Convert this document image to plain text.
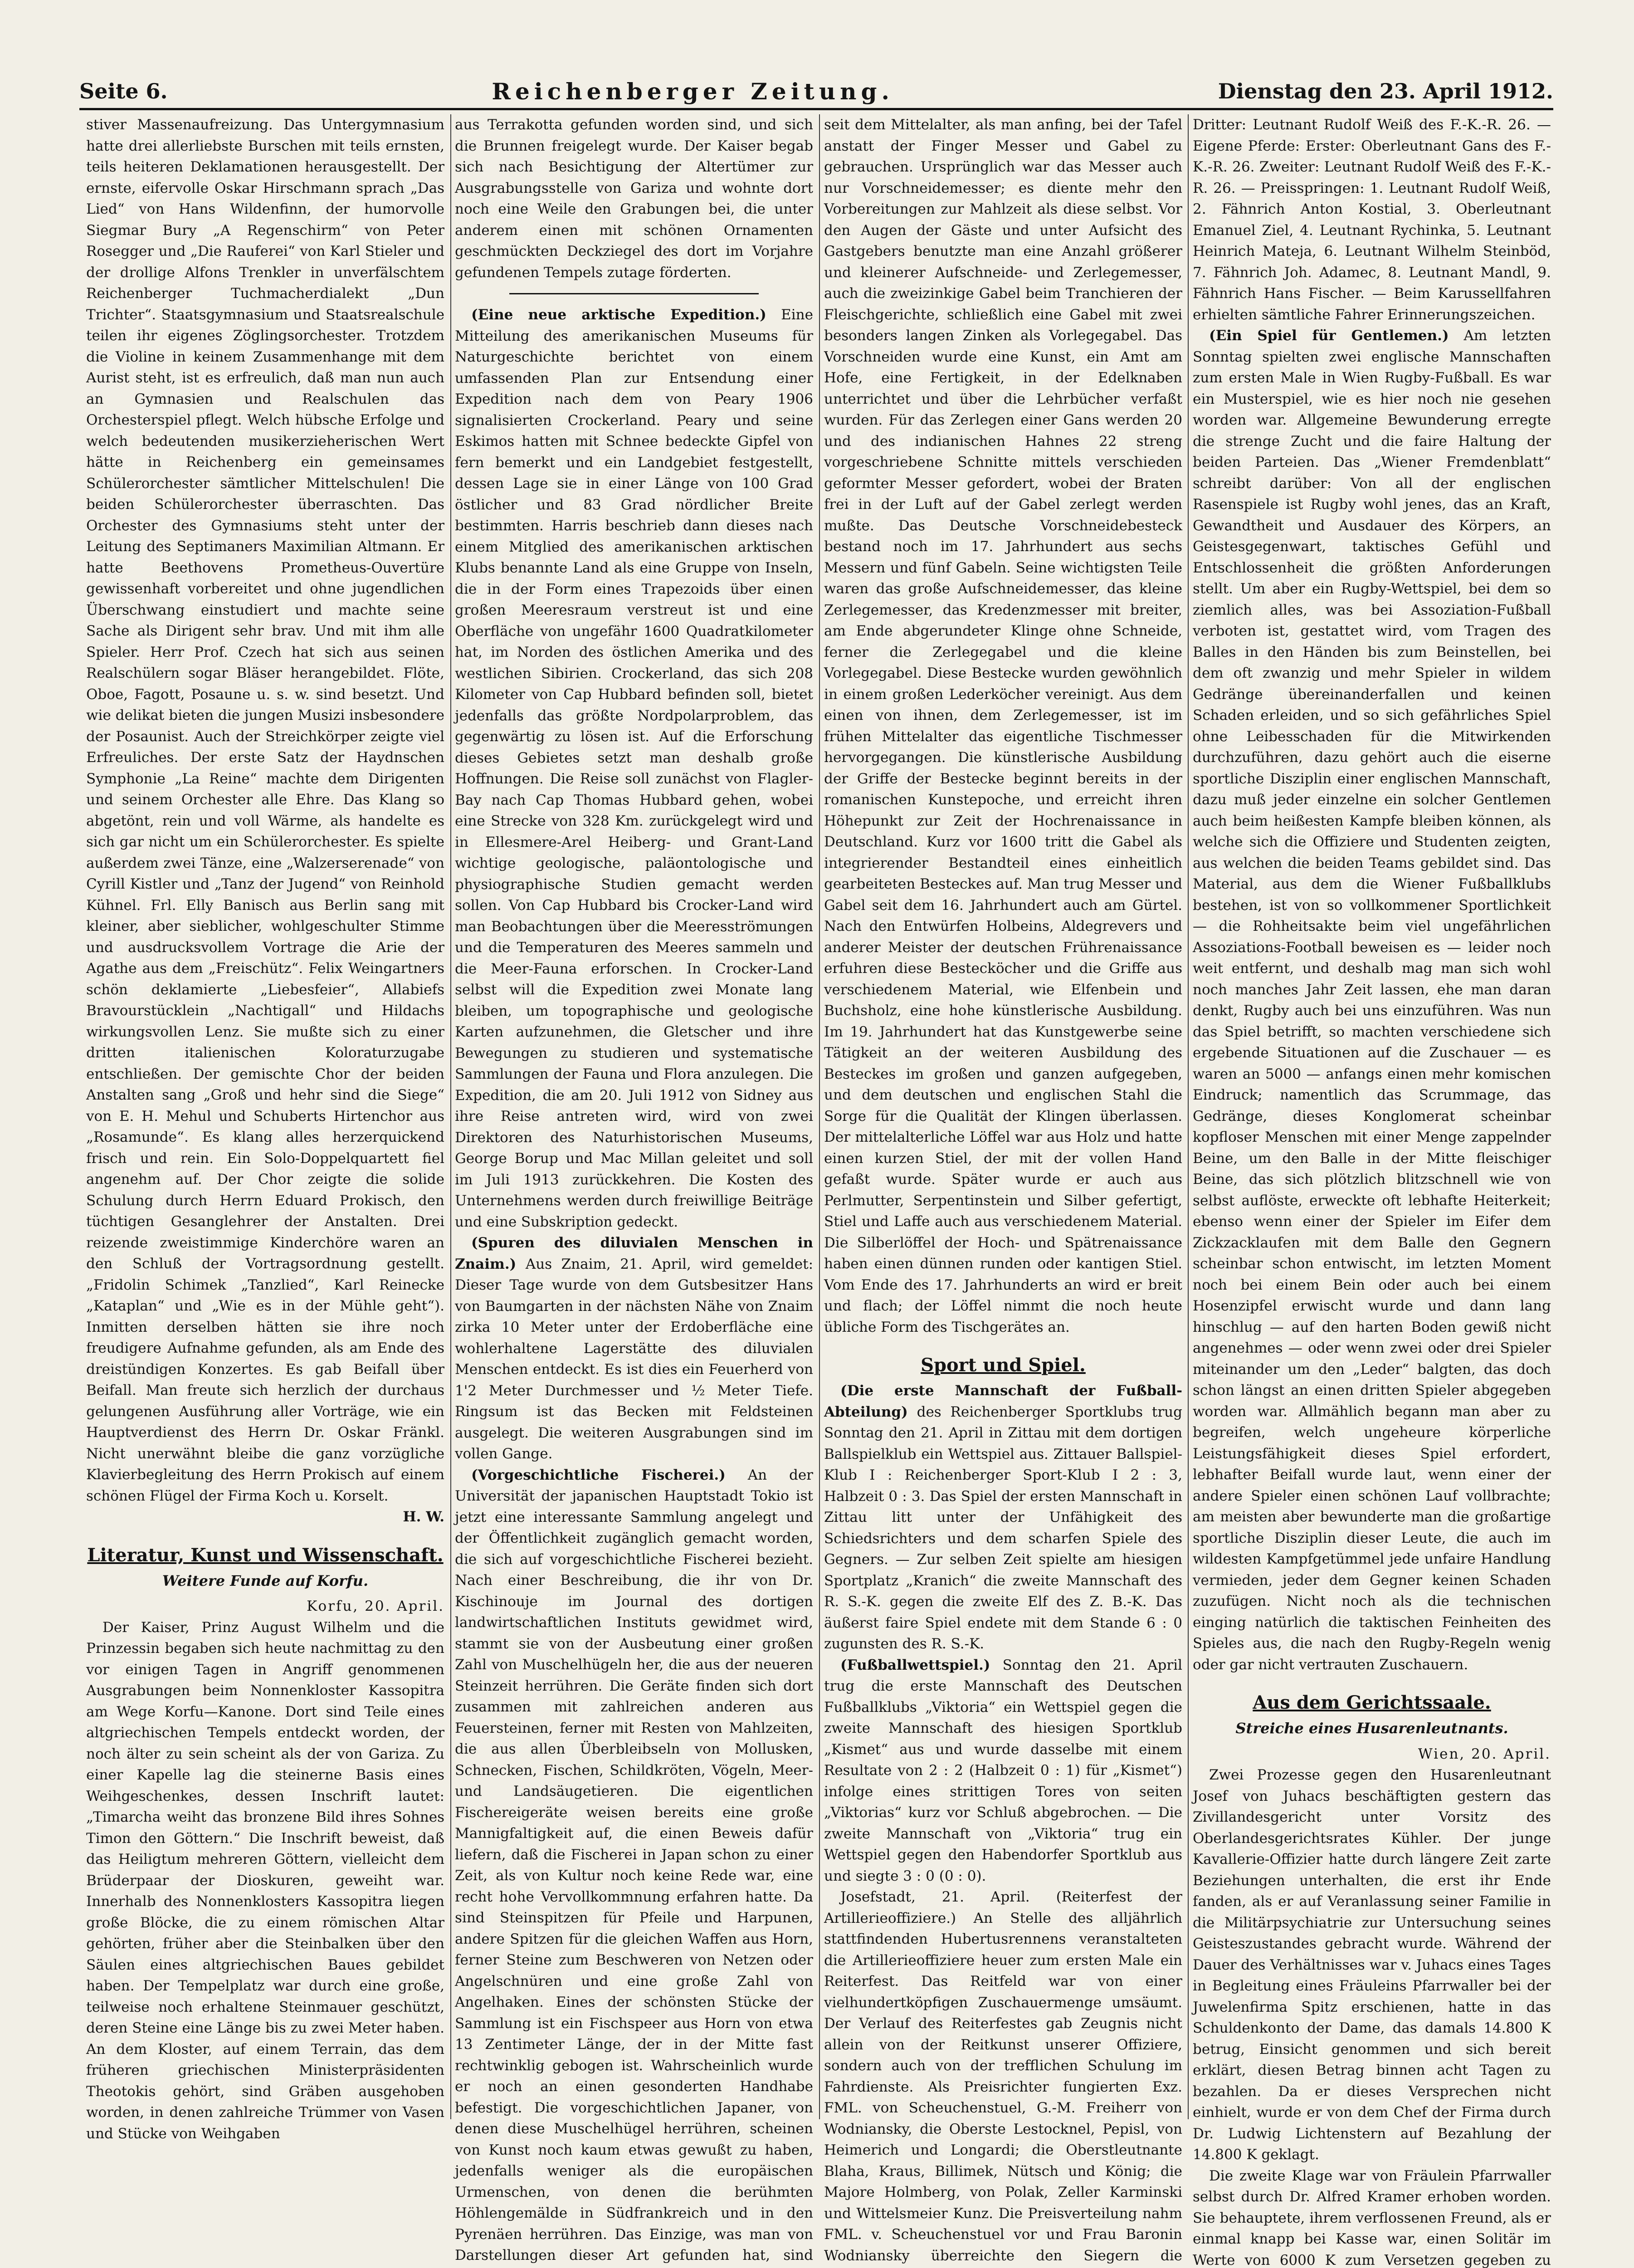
Seite 6.	Reichenberger Zeitung.	Dienstag den 23. April 1912.

stiver Massenaufreizung. Das Untergymnasium hatte drei allerliebste Burschen mit teils ernsten, teils heiteren Deklamationen herausgestellt. Der ernste, eifervolle Oskar Hirschmann sprach „Das Lied“ von Hans Wildenfinn, der humorvolle Siegmar Bury „A Regenschirm“ von Peter Rosegger und „Die Rauferei“ von Karl Stieler und der drollige Alfons Trenkler in unverfälschtem Reichenberger Tuchmacherdialekt „Dun Trichter“. Staatsgymnasium und Staatsrealschule teilen ihr eigenes Zöglingsorchester. Trotzdem die Violine in keinem Zusammenhange mit dem Aurist steht, ist es erfreulich, daß man nun auch an Gymnasien und Realschulen das Orchesterspiel pflegt. Welch hübsche Erfolge und welch bedeutenden musikerzieherischen Wert hätte in Reichenberg ein gemeinsames Schülerorchester sämtlicher Mittelschulen! Die beiden Schülerorchester überraschten. Das Orchester des Gymnasiums steht unter der Leitung des Septimaners Maximilian Altmann. Er hatte Beethovens Prometheus-Ouvertüre gewissenhaft vorbereitet und ohne jugendlichen Überschwang einstudiert und machte seine Sache als Dirigent sehr brav. Und mit ihm alle Spieler. Herr Prof. Czech hat sich aus seinen Realschülern sogar Bläser herangebildet. Flöte, Oboe, Fagott, Posaune u. s. w. sind besetzt. Und wie delikat bieten die jungen Musizi insbesondere der Posaunist. Auch der Streichkörper zeigte viel Erfreuliches. Der erste Satz der Haydnschen Symphonie „La Reine“ machte dem Dirigenten und seinem Orchester alle Ehre. Das Klang so abgetönt, rein und voll Wärme, als handelte es sich gar nicht um ein Schülerorchester. Es spielte außerdem zwei Tänze, eine „Walzerserenade“ von Cyrill Kistler und „Tanz der Jugend“ von Reinhold Kühnel. Frl. Elly Banisch aus Berlin sang mit kleiner, aber sieblicher, wohlgeschulter Stimme und ausdrucksvollem Vortrage die Arie der Agathe aus dem „Freischütz“. Felix Weingartners schön deklamierte „Liebesfeier“, Allabiefs Bravourstücklein „Nachtigall“ und Hildachs wirkungsvollen Lenz. Sie mußte sich zu einer dritten italienischen Koloraturzugabe entschließen. Der gemischte Chor der beiden Anstalten sang „Groß und hehr sind die Siege“ von E. H. Mehul und Schuberts Hirtenchor aus „Rosamunde“. Es klang alles herzerquickend frisch und rein. Ein Solo-Doppelquartett fiel angenehm auf. Der Chor zeigte die solide Schulung durch Herrn Eduard Prokisch, den tüchtigen Gesanglehrer der Anstalten. Drei reizende zweistimmige Kinderchöre waren an den Schluß der Vortragsordnung gestellt. „Fridolin Schimek „Tanzlied“, Karl Reinecke „Kataplan“ und „Wie es in der Mühle geht“). Inmitten derselben hätten sie ihre noch freudigere Aufnahme gefunden, als am Ende des dreistündigen Konzertes. Es gab Beifall über Beifall. Man freute sich herzlich der durchaus gelungenen Ausführung aller Vorträge, wie ein Hauptverdienst des Herrn Dr. Oskar Fränkl. Nicht unerwähnt bleibe die ganz vorzügliche Klavierbegleitung des Herrn Prokisch auf einem schönen Flügel der Firma Koch u. Korselt.

H. W.

Literatur, Kunst und Wissenschaft.
Weitere Funde auf Korfu.

Korfu, 20. April.

Der Kaiser, Prinz August Wilhelm und die Prinzessin begaben sich heute nachmittag zu den vor einigen Tagen in Angriff genommenen Ausgrabungen beim Nonnenkloster Kassopitra am Wege Korfu—Kanone. Dort sind Teile eines altgriechischen Tempels entdeckt worden, der noch älter zu sein scheint als der von Gariza. Zu einer Kapelle lag die steinerne Basis eines Weihgeschenkes, dessen Inschrift lautet: „Timarcha weiht das bronzene Bild ihres Sohnes Timon den Göttern.“ Die Inschrift beweist, daß das Heiligtum mehreren Göttern, vielleicht dem Brüderpaar der Dioskuren, geweiht war. Innerhalb des Nonnenklosters Kassopitra liegen große Blöcke, die zu einem römischen Altar gehörten, früher aber die Steinbalken über den Säulen eines altgriechischen Baues gebildet haben. Der Tempelplatz war durch eine große, teilweise noch erhaltene Steinmauer geschützt, deren Steine eine Länge bis zu zwei Meter haben. An dem Kloster, auf einem Terrain, das dem früheren griechischen Ministerpräsidenten Theotokis gehört, sind Gräben ausgehoben worden, in denen zahlreiche Trümmer von Vasen und Stücke von Weihgaben

aus Terrakotta gefunden worden sind, und sich die Brunnen freigelegt wurde. Der Kaiser begab sich nach Besichtigung der Altertümer zur Ausgrabungsstelle von Gariza und wohnte dort noch eine Weile den Grabungen bei, die unter anderem einen mit schönen Ornamenten geschmückten Deckziegel des dort im Vorjahre gefundenen Tempels zutage förderten.

(Eine neue arktische Expedition.) Eine Mitteilung des amerikanischen Museums für Naturgeschichte berichtet von einem umfassenden Plan zur Entsendung einer Expedition nach dem von Peary 1906 signalisierten Crockerland. Peary und seine Eskimos hatten mit Schnee bedeckte Gipfel von fern bemerkt und ein Landgebiet festgestellt, dessen Lage sie in einer Länge von 100 Grad östlicher und 83 Grad nördlicher Breite bestimmten. Harris beschrieb dann dieses nach einem Mitglied des amerikanischen arktischen Klubs benannte Land als eine Gruppe von Inseln, die in der Form eines Trapezoids über einen großen Meeresraum verstreut ist und eine Oberfläche von ungefähr 1600 Quadratkilometer hat, im Norden des östlichen Amerika und des westlichen Sibirien. Crockerland, das sich 208 Kilometer von Cap Hubbard befinden soll, bietet jedenfalls das größte Nordpolarproblem, das gegenwärtig zu lösen ist. Auf die Erforschung dieses Gebietes setzt man deshalb große Hoffnungen. Die Reise soll zunächst von Flagler-Bay nach Cap Thomas Hubbard gehen, wobei eine Strecke von 328 Km. zurückgelegt wird und in Ellesmere-Arel Heiberg- und Grant-Land wichtige geologische, paläontologische und physiographische Studien gemacht werden sollen. Von Cap Hubbard bis Crocker-Land wird man Beobachtungen über die Meeresströmungen und die Temperaturen des Meeres sammeln und die Meer-Fauna erforschen. In Crocker-Land selbst will die Expedition zwei Monate lang bleiben, um topographische und geologische Karten aufzunehmen, die Gletscher und ihre Bewegungen zu studieren und systematische Sammlungen der Fauna und Flora anzulegen. Die Expedition, die am 20. Juli 1912 von Sidney aus ihre Reise antreten wird, wird von zwei Direktoren des Naturhistorischen Museums, George Borup und Mac Millan geleitet und soll im Juli 1913 zurückkehren. Die Kosten des Unternehmens werden durch freiwillige Beiträge und eine Subskription gedeckt.

(Spuren des diluvialen Menschen in Znaim.) Aus Znaim, 21. April, wird gemeldet: Dieser Tage wurde von dem Gutsbesitzer Hans von Baumgarten in der nächsten Nähe von Znaim zirka 10 Meter unter der Erdoberfläche eine wohlerhaltene Lagerstätte des diluvialen Menschen entdeckt. Es ist dies ein Feuerherd von 1'2 Meter Durchmesser und ½ Meter Tiefe. Ringsum ist das Becken mit Feldsteinen ausgelegt. Die weiteren Ausgrabungen sind im vollen Gange.

(Vorgeschichtliche Fischerei.) An der Universität der japanischen Hauptstadt Tokio ist jetzt eine interessante Sammlung angelegt und der Öffentlichkeit zugänglich gemacht worden, die sich auf vorgeschichtliche Fischerei bezieht. Nach einer Beschreibung, die ihr von Dr. Kischinouje im Journal des dortigen landwirtschaftlichen Instituts gewidmet wird, stammt sie von der Ausbeutung einer großen Zahl von Muschelhügeln her, die aus der neueren Steinzeit herrühren. Die Geräte finden sich dort zusammen mit zahlreichen anderen aus Feuersteinen, ferner mit Resten von Mahlzeiten, die aus allen Überbleibseln von Mollusken, Schnecken, Fischen, Schildkröten, Vögeln, Meer- und Landsäugetieren. Die eigentlichen Fischereigeräte weisen bereits eine große Mannigfaltigkeit auf, die einen Beweis dafür liefern, daß die Fischerei in Japan schon zu einer Zeit, als von Kultur noch keine Rede war, eine recht hohe Vervollkommnung erfahren hatte. Da sind Steinspitzen für Pfeile und Harpunen, andere Spitzen für die gleichen Waffen aus Horn, ferner Steine zum Beschweren von Netzen oder Angelschnüren und eine große Zahl von Angelhaken. Eines der schönsten Stücke der Sammlung ist ein Fischspeer aus Horn von etwa 13 Zentimeter Länge, der in der Mitte fast rechtwinklig gebogen ist. Wahrscheinlich wurde er noch an einen gesonderten Handhabe befestigt. Die vorgeschichtlichen Japaner, von denen diese Muschelhügel herrühren, scheinen von Kunst noch kaum etwas gewußt zu haben, jedenfalls weniger als die europäischen Urmenschen, von denen die berühmten Höhlengemälde in Südfrankreich und in den Pyrenäen herrühren. Das Einzige, was man von Darstellungen dieser Art gefunden hat, sind

seit dem Mittelalter, als man anfing, bei der Tafel anstatt der Finger Messer und Gabel zu gebrauchen. Ursprünglich war das Messer auch nur Vorschneidemesser; es diente mehr den Vorbereitungen zur Mahlzeit als diese selbst. Vor den Augen der Gäste und unter Aufsicht des Gastgebers benutzte man eine Anzahl größerer und kleinerer Aufschneide- und Zerlegemesser, auch die zweizinkige Gabel beim Tranchieren der Fleischgerichte, schließlich eine Gabel mit zwei besonders langen Zinken als Vorlegegabel. Das Vorschneiden wurde eine Kunst, ein Amt am Hofe, eine Fertigkeit, in der Edelknaben unterrichtet und über die Lehrbücher verfaßt wurden. Für das Zerlegen einer Gans werden 20 und des indianischen Hahnes 22 streng vorgeschriebene Schnitte mittels verschieden geformter Messer gefordert, wobei der Braten frei in der Luft auf der Gabel zerlegt werden mußte. Das Deutsche Vorschneidebesteck bestand noch im 17. Jahrhundert aus sechs Messern und fünf Gabeln. Seine wichtigsten Teile waren das große Aufschneidemesser, das kleine Zerlegemesser, das Kredenzmesser mit breiter, am Ende abgerundeter Klinge ohne Schneide, ferner die Zerlegegabel und die kleine Vorlegegabel. Diese Bestecke wurden gewöhnlich in einem großen Lederköcher vereinigt. Aus dem einen von ihnen, dem Zerlegemesser, ist im frühen Mittelalter das eigentliche Tischmesser hervorgegangen. Die künstlerische Ausbildung der Griffe der Bestecke beginnt bereits in der romanischen Kunstepoche, und erreicht ihren Höhepunkt zur Zeit der Hochrenaissance in Deutschland. Kurz vor 1600 tritt die Gabel als integrierender Bestandteil eines einheitlich gearbeiteten Besteckes auf. Man trug Messer und Gabel seit dem 16. Jahrhundert auch am Gürtel. Nach den Entwürfen Holbeins, Aldegrevers und anderer Meister der deutschen Frührenaissance erfuhren diese Bestecköcher und die Griffe aus verschiedenem Material, wie Elfenbein und Buchsholz, eine hohe künstlerische Ausbildung. Im 19. Jahrhundert hat das Kunstgewerbe seine Tätigkeit an der weiteren Ausbildung des Besteckes im großen und ganzen aufgegeben, und dem deutschen und englischen Stahl die Sorge für die Qualität der Klingen überlassen. Der mittelalterliche Löffel war aus Holz und hatte einen kurzen Stiel, der mit der vollen Hand gefaßt wurde. Später wurde er auch aus Perlmutter, Serpentinstein und Silber gefertigt, Stiel und Laffe auch aus verschiedenem Material. Die Silberlöffel der Hoch- und Spätrenaissance haben einen dünnen runden oder kantigen Stiel. Vom Ende des 17. Jahrhunderts an wird er breit und flach; der Löffel nimmt die noch heute übliche Form des Tischgerätes an.

Sport und Spiel.

(Die erste Mannschaft der Fußball-Abteilung) des Reichenberger Sportklubs trug Sonntag den 21. April in Zittau mit dem dortigen Ballspielklub ein Wettspiel aus. Zittauer Ballspiel-Klub I : Reichenberger Sport-Klub I 2 : 3, Halbzeit 0 : 3. Das Spiel der ersten Mannschaft in Zittau litt unter der Unfähigkeit des Schiedsrichters und dem scharfen Spiele des Gegners. — Zur selben Zeit spielte am hiesigen Sportplatz „Kranich“ die zweite Mannschaft des R. S.-K. gegen die zweite Elf des Z. B.-K. Das äußerst faire Spiel endete mit dem Stande 6 : 0 zugunsten des R. S.-K.

(Fußballwettspiel.) Sonntag den 21. April trug die erste Mannschaft des Deutschen Fußballklubs „Viktoria“ ein Wettspiel gegen die zweite Mannschaft des hiesigen Sportklub „Kismet“ aus und wurde dasselbe mit einem Resultate von 2 : 2 (Halbzeit 0 : 1) für „Kismet“) infolge eines strittigen Tores von seiten „Viktorias“ kurz vor Schluß abgebrochen. — Die zweite Mannschaft von „Viktoria“ trug ein Wettspiel gegen den Habendorfer Sportklub aus und siegte 3 : 0 (0 : 0).

Josefstadt, 21. April. (Reiterfest der Artillerieoffiziere.) An Stelle des alljährlich stattfindenden Hubertusrennens veranstalteten die Artillerieoffiziere heuer zum ersten Male ein Reiterfest. Das Reitfeld war von einer vielhundertköpfigen Zuschauermenge umsäumt. Der Verlauf des Reiterfestes gab Zeugnis nicht allein von der Reitkunst unserer Offiziere, sondern auch von der trefflichen Schulung im Fahrdienste. Als Preisrichter fungierten Exz. FML. von Scheuchenstuel, G.-M. Freiherr von Wodniansky, die Oberste Lestocknel, Pepisl, von Heimerich und Longardi; die Oberstleutnante Blaha, Kraus, Billimek, Nütsch und König; die Majore Holmberg, von Polak, Zeller Karminski und Wittelsmeier Kunz. Die Preisverteilung nahm FML. v. Scheuchenstuel vor und Frau Baronin Wodniansky überreichte den Siegern die

Dritter: Leutnant Rudolf Weiß des F.-K.-R. 26. — Eigene Pferde: Erster: Oberleutnant Gans des F.-K.-R. 26. Zweiter: Leutnant Rudolf Weiß des F.-K.-R. 26. — Preisspringen: 1. Leutnant Rudolf Weiß, 2. Fähnrich Anton Kostial, 3. Oberleutnant Emanuel Ziel, 4. Leutnant Rychinka, 5. Leutnant Heinrich Mateja, 6. Leutnant Wilhelm Steinböd, 7. Fähnrich Joh. Adamec, 8. Leutnant Mandl, 9. Fähnrich Hans Fischer. — Beim Karussellfahren erhielten sämtliche Fahrer Erinnerungszeichen.

(Ein Spiel für Gentlemen.) Am letzten Sonntag spielten zwei englische Mannschaften zum ersten Male in Wien Rugby-Fußball. Es war ein Musterspiel, wie es hier noch nie gesehen worden war. Allgemeine Bewunderung erregte die strenge Zucht und die faire Haltung der beiden Parteien. Das „Wiener Fremdenblatt“ schreibt darüber: Von all der englischen Rasenspiele ist Rugby wohl jenes, das an Kraft, Gewandtheit und Ausdauer des Körpers, an Geistesgegenwart, taktisches Gefühl und Entschlossenheit die größten Anforderungen stellt. Um aber ein Rugby-Wettspiel, bei dem so ziemlich alles, was bei Assoziation-Fußball verboten ist, gestattet wird, vom Tragen des Balles in den Händen bis zum Beinstellen, bei dem oft zwanzig und mehr Spieler in wildem Gedränge übereinanderfallen und keinen Schaden erleiden, und so sich gefährliches Spiel ohne Leibesschaden für die Mitwirkenden durchzuführen, dazu gehört auch die eiserne sportliche Disziplin einer englischen Mannschaft, dazu muß jeder einzelne ein solcher Gentlemen auch beim heißesten Kampfe bleiben können, als welche sich die Offiziere und Studenten zeigten, aus welchen die beiden Teams gebildet sind. Das Material, aus dem die Wiener Fußballklubs bestehen, ist von so vollkommener Sportlichkeit — die Rohheitsakte beim viel ungefährlichen Assoziations-Football beweisen es — leider noch weit entfernt, und deshalb mag man sich wohl noch manches Jahr Zeit lassen, ehe man daran denkt, Rugby auch bei uns einzuführen. Was nun das Spiel betrifft, so machten verschiedene sich ergebende Situationen auf die Zuschauer — es waren an 5000 — anfangs einen mehr komischen Eindruck; namentlich das Scrummage, das Gedränge, dieses Konglomerat scheinbar kopfloser Menschen mit einer Menge zappelnder Beine, um den Balle in der Mitte fleischiger Beine, das sich plötzlich blitzschnell wie von selbst auflöste, erweckte oft lebhafte Heiterkeit; ebenso wenn einer der Spieler im Eifer dem Zickzacklaufen mit dem Balle den Gegnern scheinbar schon entwischt, im letzten Moment noch bei einem Bein oder auch bei einem Hosenzipfel erwischt wurde und dann lang hinschlug — auf den harten Boden gewiß nicht angenehmes — oder wenn zwei oder drei Spieler miteinander um den „Leder“ balgten, das doch schon längst an einen dritten Spieler abgegeben worden war. Allmählich begann man aber zu begreifen, welch ungeheure körperliche Leistungsfähigkeit dieses Spiel erfordert, lebhafter Beifall wurde laut, wenn einer der andere Spieler einen schönen Lauf vollbrachte; am meisten aber bewunderte man die großartige sportliche Disziplin dieser Leute, die auch im wildesten Kampfgetümmel jede unfaire Handlung vermieden, jeder dem Gegner keinen Schaden zuzufügen. Nicht noch als die technischen einging natürlich die taktischen Feinheiten des Spieles aus, die nach den Rugby-Regeln wenig oder gar nicht vertrauten Zuschauern.

Aus dem Gerichtssaale.
Streiche eines Husarenleutnants.

Wien, 20. April.

Zwei Prozesse gegen den Husarenleutnant Josef von Juhacs beschäftigten gestern das Zivillandesgericht unter Vorsitz des Oberlandesgerichtsrates Kühler. Der junge Kavallerie-Offizier hatte durch längere Zeit zarte Beziehungen unterhalten, die erst ihr Ende fanden, als er auf Veranlassung seiner Familie in die Militärpsychiatrie zur Untersuchung seines Geisteszustandes gebracht wurde. Während der Dauer des Verhältnisses war v. Juhacs eines Tages in Begleitung eines Fräuleins Pfarrwaller bei der Juwelenfirma Spitz erschienen, hatte in das Schuldenkonto der Dame, das damals 14.800 K betrug, Einsicht genommen und sich bereit erklärt, diesen Betrag binnen acht Tagen zu bezahlen. Da er dieses Versprechen nicht einhielt, wurde er von dem Chef der Firma durch Dr. Ludwig Lichtenstern auf Bezahlung der 14.800 K geklagt.

Die zweite Klage war von Fräulein Pfarrwaller selbst durch Dr. Alfred Kramer erhoben worden. Sie behauptete, ihrem verflossenen Freund, als er einmal knapp bei Kasse war, einen Solitär im Werte von 6000 K zum Versetzen gegeben zu
